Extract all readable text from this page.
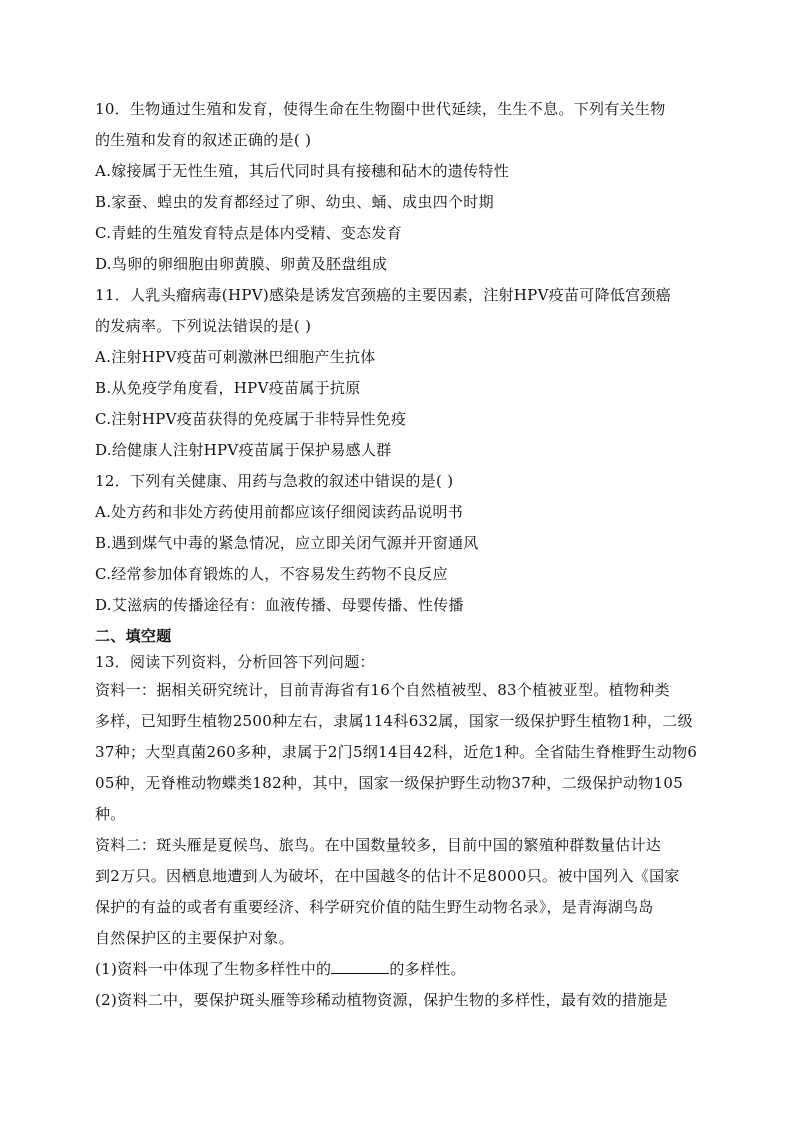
10．生物通过生殖和发育，使得生命在生物圈中世代延续，生生不息。下列有关生物
的生殖和发育的叙述正确的是( )
A.嫁接属于无性生殖，其后代同时具有接穗和砧木的遗传特性
B.家蚕、蝗虫的发育都经过了卵、幼虫、蛹、成虫四个时期
C.青蛙的生殖发育特点是体内受精、变态发育
D.鸟卵的卵细胞由卵黄膜、卵黄及胚盘组成
11．人乳头瘤病毒(HPV)感染是诱发宫颈癌的主要因素，注射HPV疫苗可降低宫颈癌
的发病率。下列说法错误的是( )
A.注射HPV疫苗可刺激淋巴细胞产生抗体
B.从免疫学角度看，HPV疫苗属于抗原
C.注射HPV疫苗获得的免疫属于非特异性免疫
D.给健康人注射HPV疫苗属于保护易感人群
12．下列有关健康、用药与急救的叙述中错误的是( )
A.处方药和非处方药使用前都应该仔细阅读药品说明书
B.遇到煤气中毒的紧急情况，应立即关闭气源并开窗通风
C.经常参加体育锻炼的人，不容易发生药物不良反应
D.艾滋病的传播途径有：血液传播、母婴传播、性传播
二、填空题
13．阅读下列资料，分析回答下列问题：
资料一：据相关研究统计，目前青海省有16个自然植被型、83个植被亚型。植物种类
多样，已知野生植物2500种左右，隶属114科632属，国家一级保护野生植物1种，二级
37种；大型真菌260多种，隶属于2门5纲14目42科，近危1种。全省陆生脊椎野生动物6
05种，无脊椎动物蝶类182种，其中，国家一级保护野生动物37种，二级保护动物105
种。
资料二：斑头雁是夏候鸟、旅鸟。在中国数量较多，目前中国的繁殖种群数量估计达
到2万只。因栖息地遭到人为破坏，在中国越冬的估计不足8000只。被中国列入《国家
保护的有益的或者有重要经济、科学研究价值的陆生野生动物名录》，是青海湖鸟岛
自然保护区的主要保护对象。
(1)资料一中体现了生物多样性中的	的多样性。
(2)资料二中，要保护斑头雁等珍稀动植物资源，保护生物的多样性，最有效的措施是
